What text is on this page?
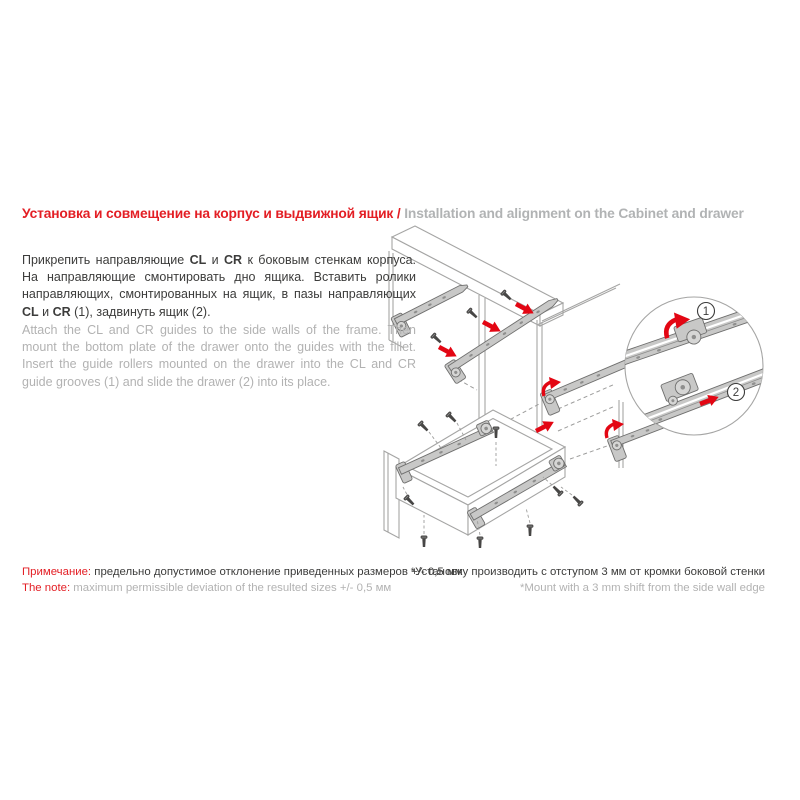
1
2
Установка и совмещение на корпус и выдвижной ящик / Installation and alignment on the Cabinet and drawer

Прикрепить направляющие CL и CR к боковым стенкам корпуса. На направляющие смонтировать дно ящика. Вставить ролики направляющих, смонтированных на ящик, в пазы направляющих CL и CR (1), задвинуть ящик (2).

Attach the CL and CR guides to the side walls of the frame. Then mount the bottom plate of the drawer onto the guides with the fillet. Insert the guide rollers mounted on the drawer into the CL and CR guide grooves (1) and slide the drawer (2) into its place.

Примечание: предельно допустимое отклонение приведенных размеров +/- 0,5 мм
The note: maximum permissible deviation of the resulted sizes +/- 0,5 мм
*Установку производить с отступом 3 мм от кромки боковой стенки
*Mount with a 3 mm shift from the side wall edge
